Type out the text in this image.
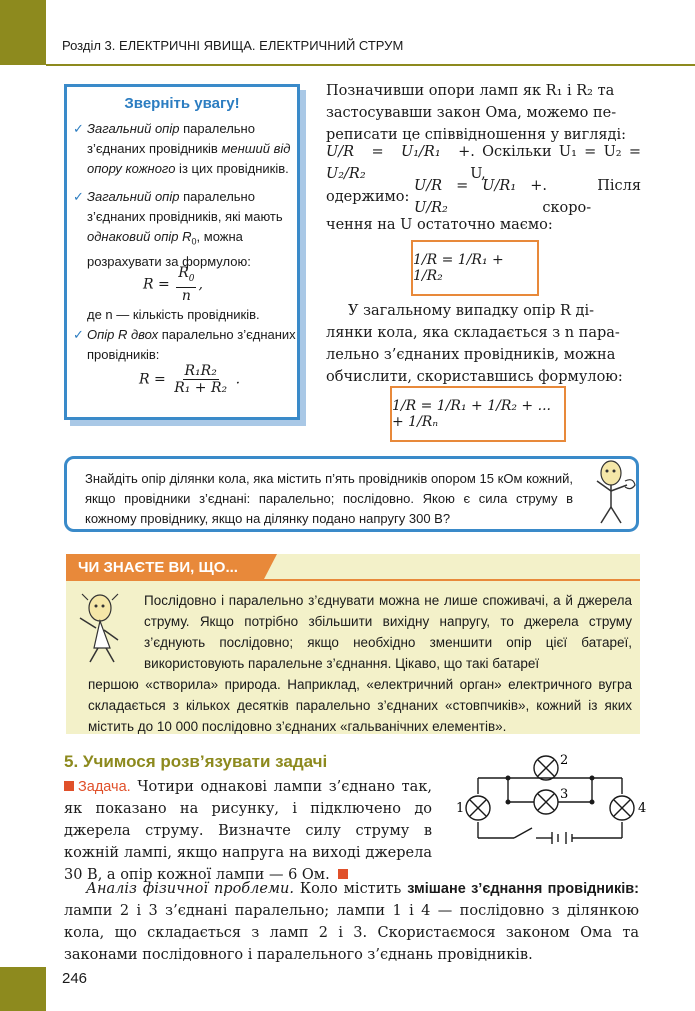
Розділ 3. ЕЛЕКТРИЧНІ ЯВИЩА. ЕЛЕКТРИЧНИЙ СТРУМ
Зверніть увагу!
✓ Загальний опір паралельно з’єднаних провідників менший від опору кожного із цих провідників.
✓ Загальний опір паралельно з’єднаних провідників, які мають однаковий опір $R_0$, можна розрахувати за формулою:
$R = \frac{R_0}{n}$ ,
де n — кількість провідників.
✓ Опір R двох паралельно з’єднаних провідників:
$R = \frac{\text{R₁R₂}}{\text{R₁ + R₂}}$ .
Позначивши опори ламп як R₁ і R₂ та
застосувавши закон Ома, можемо пе-
реписати це співвідношення у вигляді:
U/R = U₁/R₁ + U₂/R₂
. Оскільки U₁ = U₂ = U,
одержимо:

U/R = U/R₁ + U/R₂
. Після скоро-
чення на U остаточно маємо:
1/R = 1/R₁ + 1/R₂
У загальному випадку опір R ді-
лянки кола, яка складається з n пара-
лельно з’єднаних провідників, можна
обчислити, скориставшись формулою:
1/R = 1/R₁ + 1/R₂ + ... + 1/Rₙ
Знайдіть опір ділянки кола, яка містить п’ять провідників опором 15 кОм кожний, якщо провідники з’єднані: паралельно; послідовно. Якою є сила струму в кожному провіднику, якщо на ділянку подано напругу 300 В?
ЧИ ЗНАЄТЕ ВИ, ЩО...
Послідовно і паралельно з’єднувати можна не лише споживачі, а й джерела струму. Якщо потрібно збільшити вихідну напругу, то джерела струму з’єднують послідовно; якщо необхідно зменшити опір цієї батареї, використовують паралельне з’єднання. Цікаво, що такі батареї
першою «створила» природа. Наприклад, «електричний орган» електричного вугра складається з кількох десятків паралельно з’єднаних «стовпчиків», кожний із яких містить до 10 000 послідовно з’єднаних «гальванічних елементів».
5. Учимося розв’язувати задачі
Задача. Чотири однакові лампи з’єднано так, як показано на рисунку, і підключено до джерела струму. Визначте силу струму в кожній лампі, якщо напруга на виході джерела 30 В, а опір кожної лампи — 6 Ом.
1
2
3
4
Аналіз фізичної проблеми. Коло містить змішане з’єднання провідників: лампи 2 і 3 з’єднані паралельно; лампи 1 і 4 — послідовно з ділянкою кола, що складається з ламп 2 і 3. Скористаємося законом Ома та законами послідовного і паралельного з’єднань провідників.
246
